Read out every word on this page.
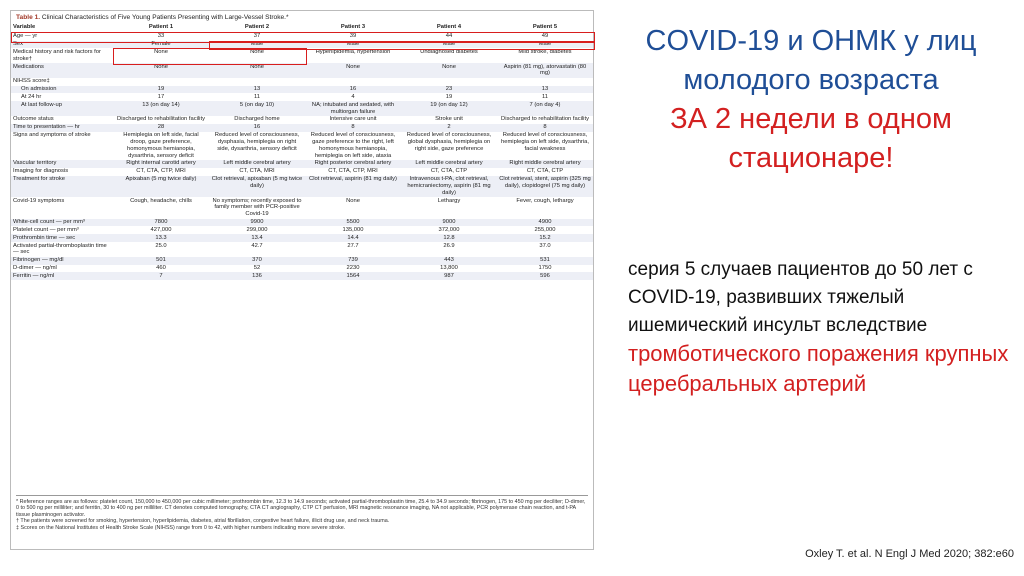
Table 1. Clinical Characteristics of Five Young Patients Presenting with Large-Vessel Stroke.*
Variable	Patient 1	Patient 2	Patient 3	Patient 4	Patient 5
Age — yr	33	37	39	44	49
Sex	Female	Male	Male	Male	Male
Medical history and risk factors for stroke†	None	None	Hyperlipidemia, hypertension	Undiagnosed diabetes	Mild stroke, diabetes
Medications	None	None	None	None	Aspirin (81 mg), atorvastatin (80 mg)
NIHSS score‡					
On admission	19	13	16	23	13
At 24 hr	17	11	4	19	11
At last follow-up	13 (on day 14)	5 (on day 10)	NA; intubated and sedated, with multiorgan failure	19 (on day 12)	7 (on day 4)
Outcome status	Discharged to rehabilitation facility	Discharged home	Intensive care unit	Stroke unit	Discharged to rehabilitation facility
Time to presentation — hr	28	16	8	2	8
Signs and symptoms of stroke	Hemiplegia on left side, facial droop, gaze preference, homonymous hemianopia, dysarthria, sensory deficit	Reduced level of consciousness, dysphasia, hemiplegia on right side, dysarthria, sensory deficit	Reduced level of consciousness, gaze preference to the right, left homonymous hemianopia, hemiplegia on left side, ataxia	Reduced level of consciousness, global dysphasia, hemiplegia on right side, gaze preference	Reduced level of consciousness, hemiplegia on left side, dysarthria, facial weakness
Vascular territory	Right internal carotid artery	Left middle cerebral artery	Right posterior cerebral artery	Left middle cerebral artery	Right middle cerebral artery
Imaging for diagnosis	CT, CTA, CTP, MRI	CT, CTA, MRI	CT, CTA, CTP, MRI	CT, CTA, CTP	CT, CTA, CTP
Treatment for stroke	Apixaban (5 mg twice daily)	Clot retrieval, apixaban (5 mg twice daily)	Clot retrieval, aspirin (81 mg daily)	Intravenous t-PA, clot retrieval, hemicraniectomy, aspirin (81 mg daily)	Clot retrieval, stent, aspirin (325 mg daily), clopidogrel (75 mg daily)
Covid-19 symptoms	Cough, headache, chills	No symptoms; recently exposed to family member with PCR-positive Covid-19	None	Lethargy	Fever, cough, lethargy
White-cell count — per mm³	7800	9900	5500	9000	4900
Platelet count — per mm³	427,000	299,000	135,000	372,000	255,000
Prothrombin time — sec	13.3	13.4	14.4	12.8	15.2
Activated partial-thromboplastin time — sec	25.0	42.7	27.7	26.9	37.0
Fibrinogen — mg/dl	501	370	739	443	531
D-dimer — ng/ml	460	52	2230	13,800	1750
Ferritin — ng/ml	7	136	1564	987	596
* Reference ranges are as follows: platelet count, 150,000 to 450,000 per cubic millimeter; prothrombin time, 12.3 to 14.9 seconds; activated partial-thromboplastin time, 25.4 to 34.9 seconds; fibrinogen, 175 to 450 mg per deciliter; D-dimer, 0 to 500 ng per milliliter; and ferritin, 30 to 400 ng per milliliter. CT denotes computed tomography, CTA CT angiography, CTP CT perfusion, MRI magnetic resonance imaging, NA not applicable, PCR polymerase chain reaction, and t-PA tissue plasminogen activator.
† The patients were screened for smoking, hypertension, hyperlipidemia, diabetes, atrial fibrillation, congestive heart failure, illicit drug use, and neck trauma.
‡ Scores on the National Institutes of Health Stroke Scale (NIHSS) range from 0 to 42, with higher numbers indicating more severe stroke.
COVID-19 и ОНМК у лиц
молодого возраста
ЗА 2 недели в одном
стационаре!
серия 5 случаев пациентов до 50 лет с COVID-19, развивших тяжелый ишемический инсульт вследствие тромботического поражения крупных церебральных артерий
Oxley T. et al. N Engl J Med 2020; 382:e60
